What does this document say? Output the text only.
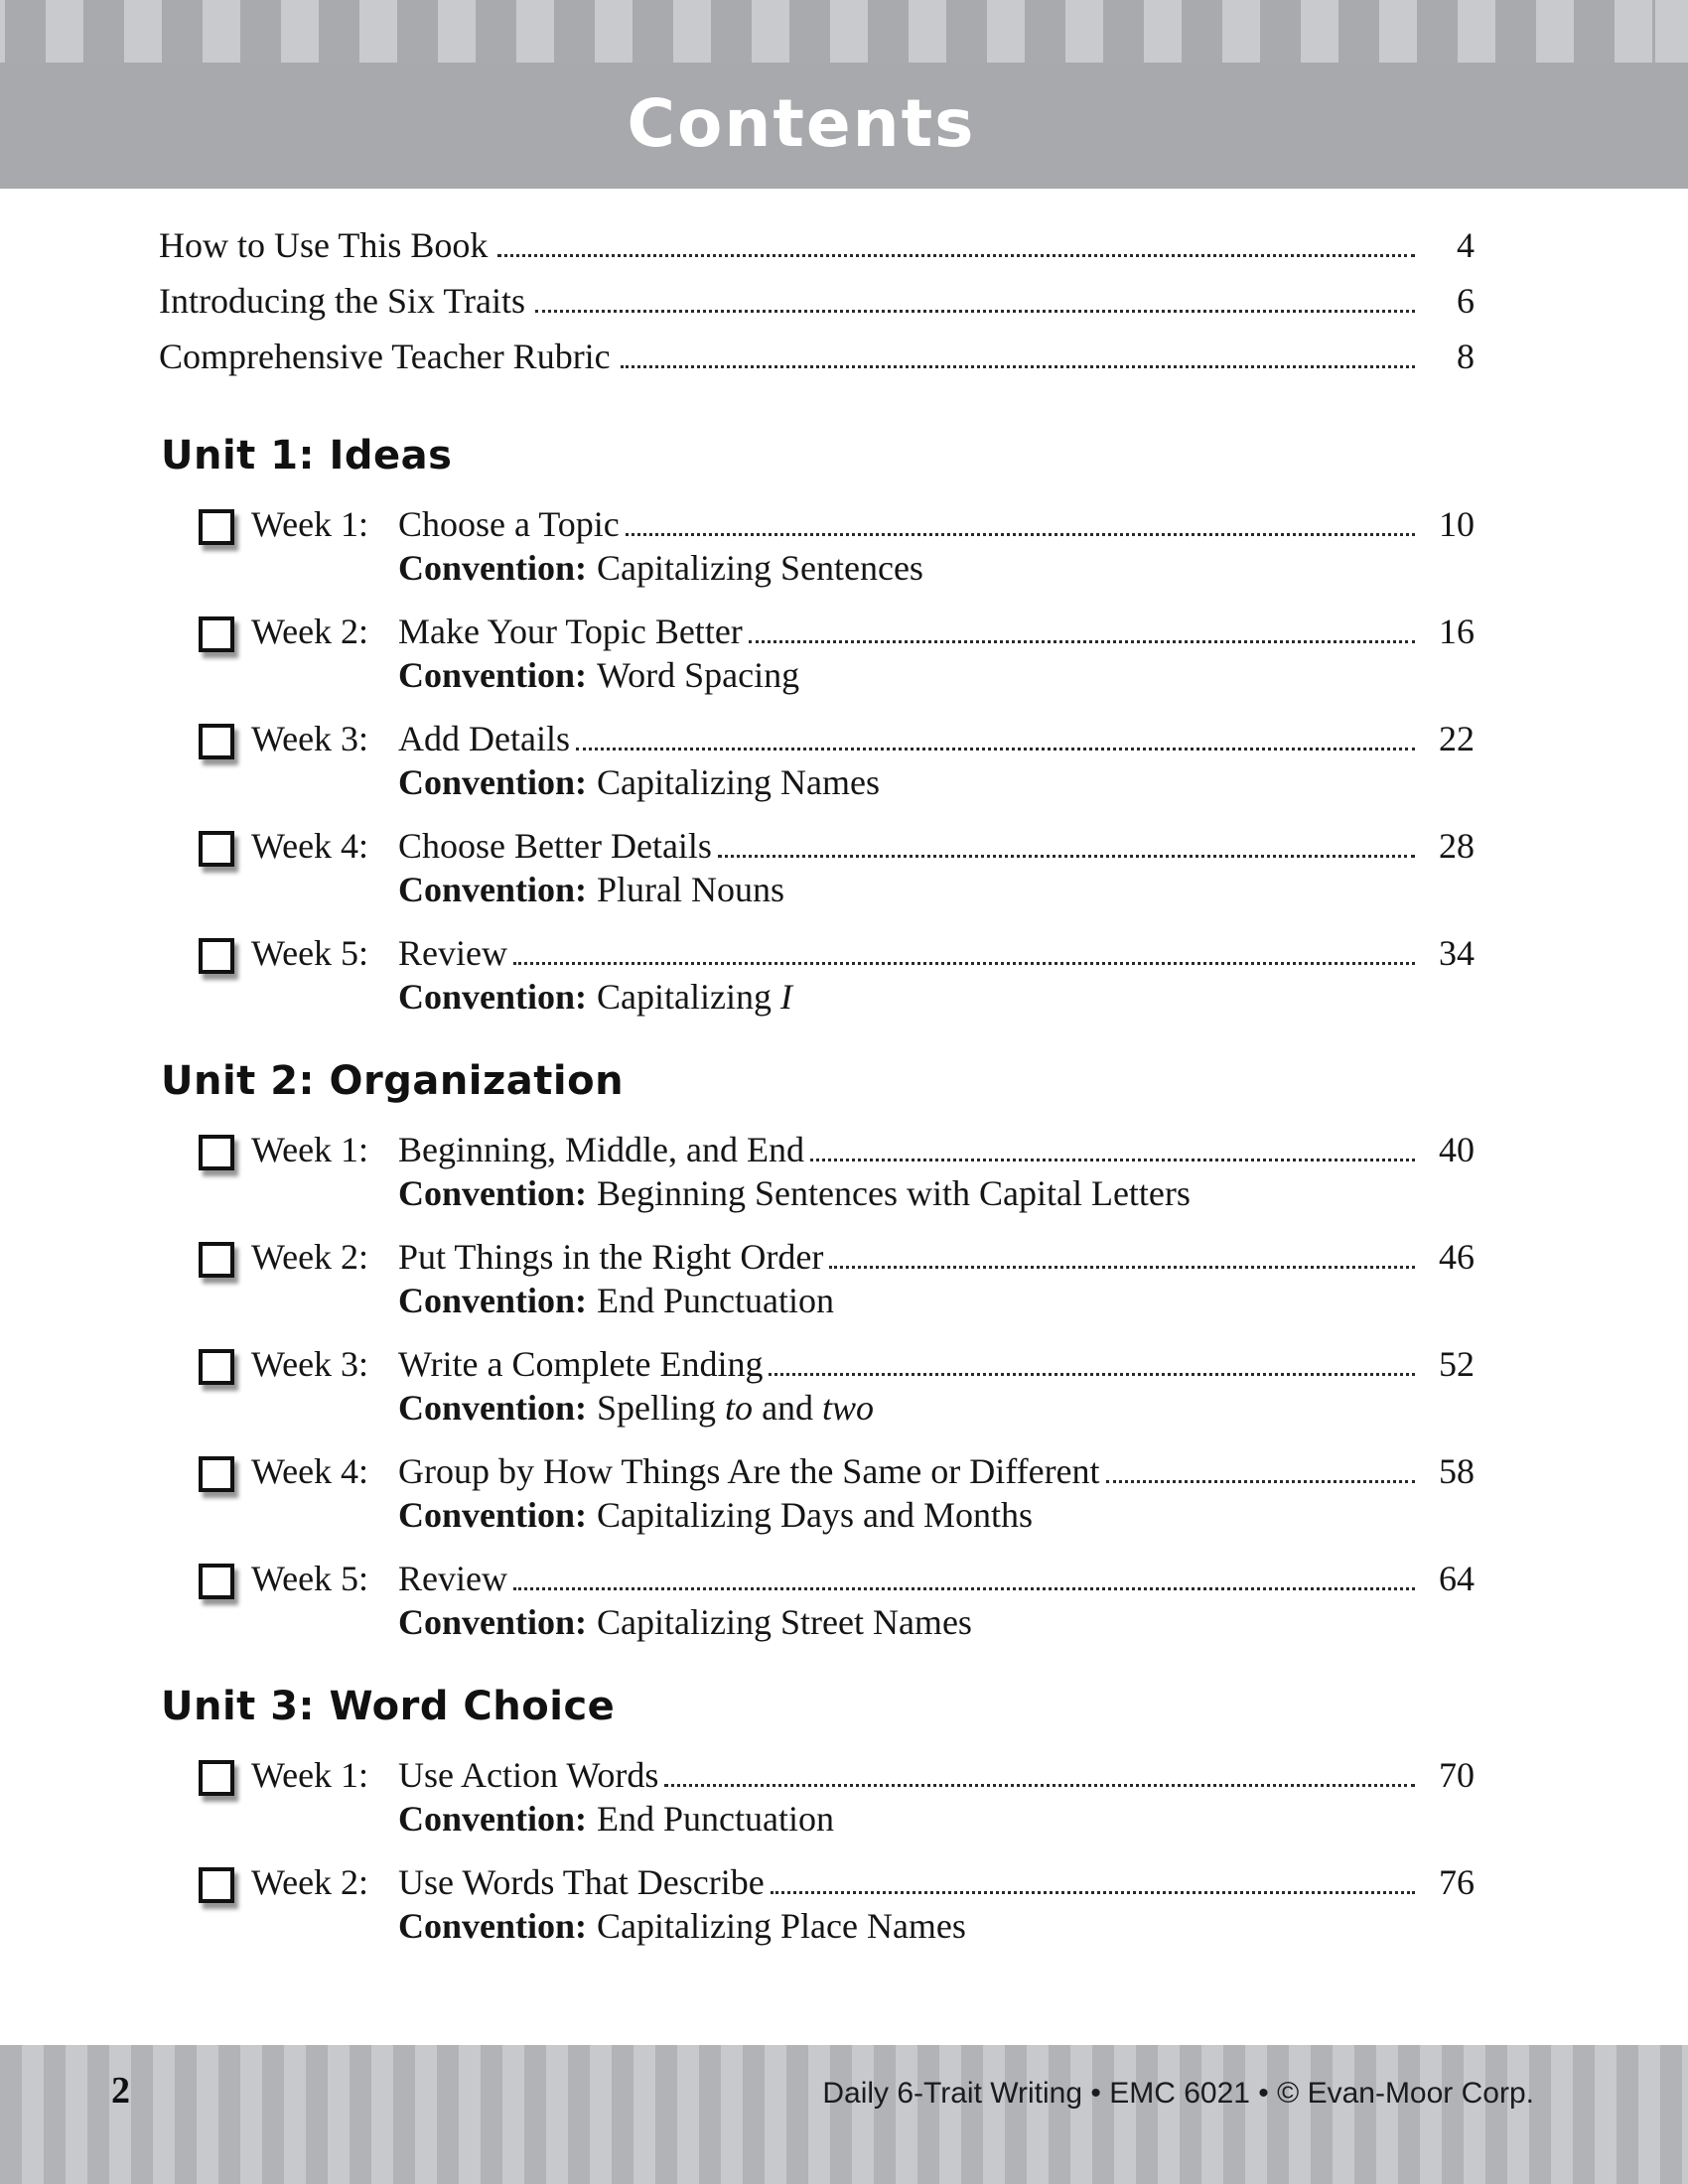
Contents
How to Use This Book	4
Introducing the Six Traits	6
Comprehensive Teacher Rubric	8
Unit 1: Ideas
Week 1: Choose a Topic	10
Convention: Capitalizing Sentences
Week 2: Make Your Topic Better	16
Convention: Word Spacing
Week 3: Add Details	22
Convention: Capitalizing Names
Week 4: Choose Better Details	28
Convention: Plural Nouns
Week 5: Review	34
Convention: Capitalizing I
Unit 2: Organization
Week 1: Beginning, Middle, and End	40
Convention: Beginning Sentences with Capital Letters
Week 2: Put Things in the Right Order	46
Convention: End Punctuation
Week 3: Write a Complete Ending	52
Convention: Spelling to and two
Week 4: Group by How Things Are the Same or Different	58
Convention: Capitalizing Days and Months
Week 5: Review	64
Convention: Capitalizing Street Names
Unit 3: Word Choice
Week 1: Use Action Words	70
Convention: End Punctuation
Week 2: Use Words That Describe	76
Convention: Capitalizing Place Names
2	Daily 6-Trait Writing • EMC 6021 • © Evan-Moor Corp.
